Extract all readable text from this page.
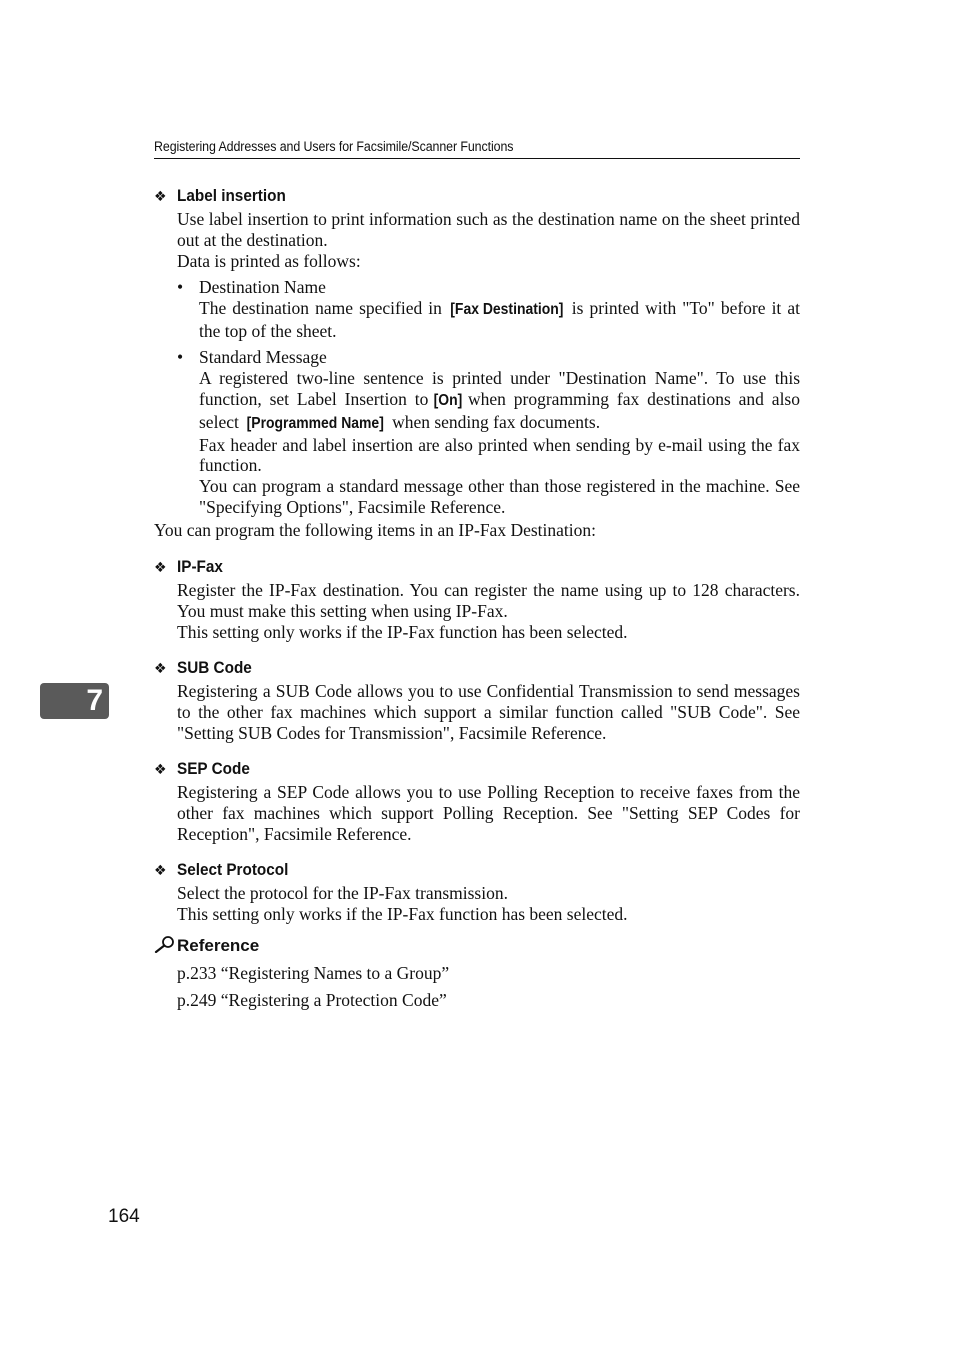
Registering Addresses and Users for Facsimile/Scanner Functions
❖ Label insertion

Use label insertion to print information such as the destination name on the sheet printed out at the destination.

Data is printed as follows:

• Destination Name

The destination name specified in [Fax Destination] is printed with "To" before it at the top of the sheet.

• Standard Message

A registered two-line sentence is printed under "Destination Name". To use this function, set Label Insertion to [On] when programming fax destinations and also select [Programmed Name] when sending fax documents.

Fax header and label insertion are also printed when sending by e-mail using the fax function.

You can program a standard message other than those registered in the machine. See "Specifying Options", Facsimile Reference.

You can program the following items in an IP-Fax Destination:

❖ IP-Fax

Register the IP-Fax destination. You can register the name using up to 128 characters. You must make this setting when using IP-Fax.

This setting only works if the IP-Fax function has been selected.

❖ SUB Code

Registering a SUB Code allows you to use Confidential Transmission to send messages to the other fax machines which support a similar function called "SUB Code". See "Setting SUB Codes for Transmission", Facsimile Reference.

❖ SEP Code

Registering a SEP Code allows you to use Polling Reception to receive faxes from the other fax machines which support Polling Reception. See "Setting SEP Codes for Reception", Facsimile Reference.

❖ Select Protocol

Select the protocol for the IP-Fax transmission.

This setting only works if the IP-Fax function has been selected.

Reference
p.233 “Registering Names to a Group”
p.249 “Registering a Protection Code”
7
164
